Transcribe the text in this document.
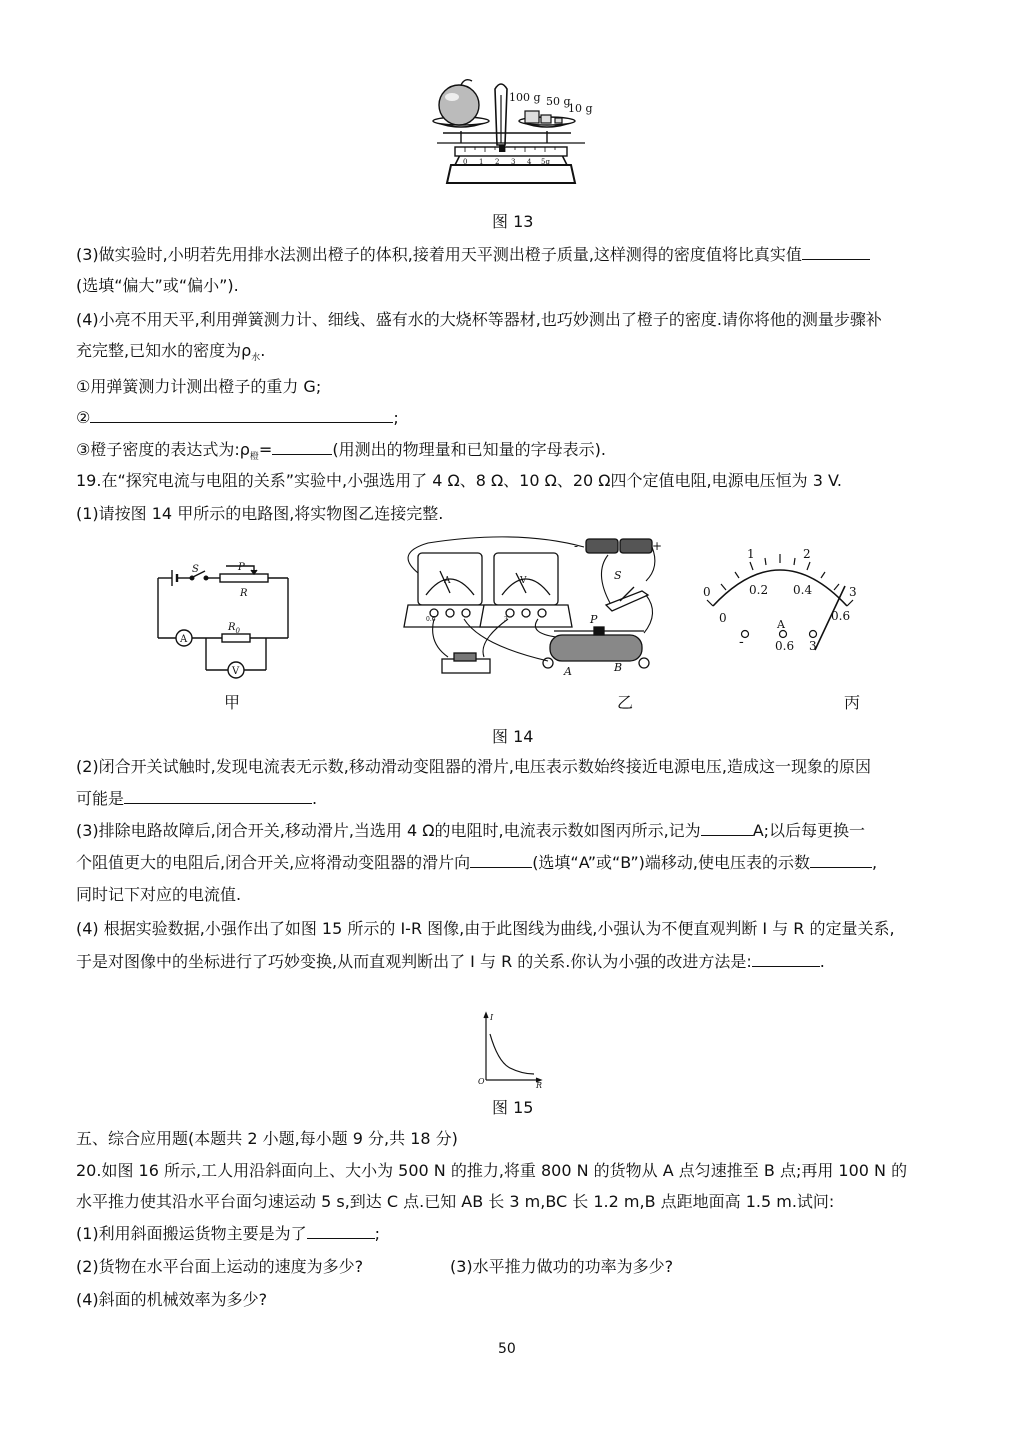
0 1 2 3 4 5g
100 g 50 g
10 g
图 13
(3)做实验时,小明若先用排水法测出橙子的体积,接着用天平测出橙子质量,这样测得的密度值将比真实值
(选填“偏大”或“偏小”).
(4)小亮不用天平,利用弹簧测力计、细线、盛有水的大烧杯等器材,也巧妙测出了橙子的密度.请你将他的测量步骤补
充完整,已知水的密度为$\rho_水$.
①用弹簧测力计测出橙子的重力 G;
②	;
③橙子密度的表达式为$:\rho_橙=$	(用测出的物理量和已知量的字母表示).
19.在“探究电流与电阻的关系”实验中,小强选用了 4 Ω、8 Ω、10 Ω、20 Ω四个定值电阻,电源电压恒为 3 V.
(1)请按图 14 甲所示的电路图,将实物图乙连接完整.
S	P
R
A
$R_0$
V
甲
A	V
-	+
S
P
A	B
0.6	3
乙
0
1	2
3
0
0.2 0.4
0.6
A
-	0.6 3
丙
图 14
(2)闭合开关试触时,发现电流表无示数,移动滑动变阻器的滑片,电压表示数始终接近电源电压,造成这一现象的原因
可能是	.
(3)排除电路故障后,闭合开关,移动滑片,当选用 4 Ω的电阻时,电流表示数如图丙所示,记为	A;以后每更换一
个阻值更大的电阻后,闭合开关,应将滑动变阻器的滑片向	(选填“A”或“B”)端移动,使电压表的示数	,
同时记下对应的电流值.
(4) 根据实验数据,小强作出了如图 15 所示的 I-R 图像,由于此图线为曲线,小强认为不便直观判断 I 与 R 的定量关系,
于是对图像中的坐标进行了巧妙变换,从而直观判断出了 I 与 R 的关系.你认为小强的改进方法是:	.
I
R
O
图 15
五、综合应用题(本题共 2 小题,每小题 9 分,共 18 分)
20.如图 16 所示,工人用沿斜面向上、大小为 500 N 的推力,将重 800 N 的货物从 A 点匀速推至 B 点;再用 100 N 的
水平推力使其沿水平台面匀速运动 5 s,到达 C 点.已知 AB 长 3 m,BC 长 1.2 m,B 点距地面高 1.5 m.试问:
(1)利用斜面搬运货物主要是为了	;
(2)货物在水平台面上运动的速度为多少?	(3)水平推力做功的功率为多少?
(4)斜面的机械效率为多少?
50
